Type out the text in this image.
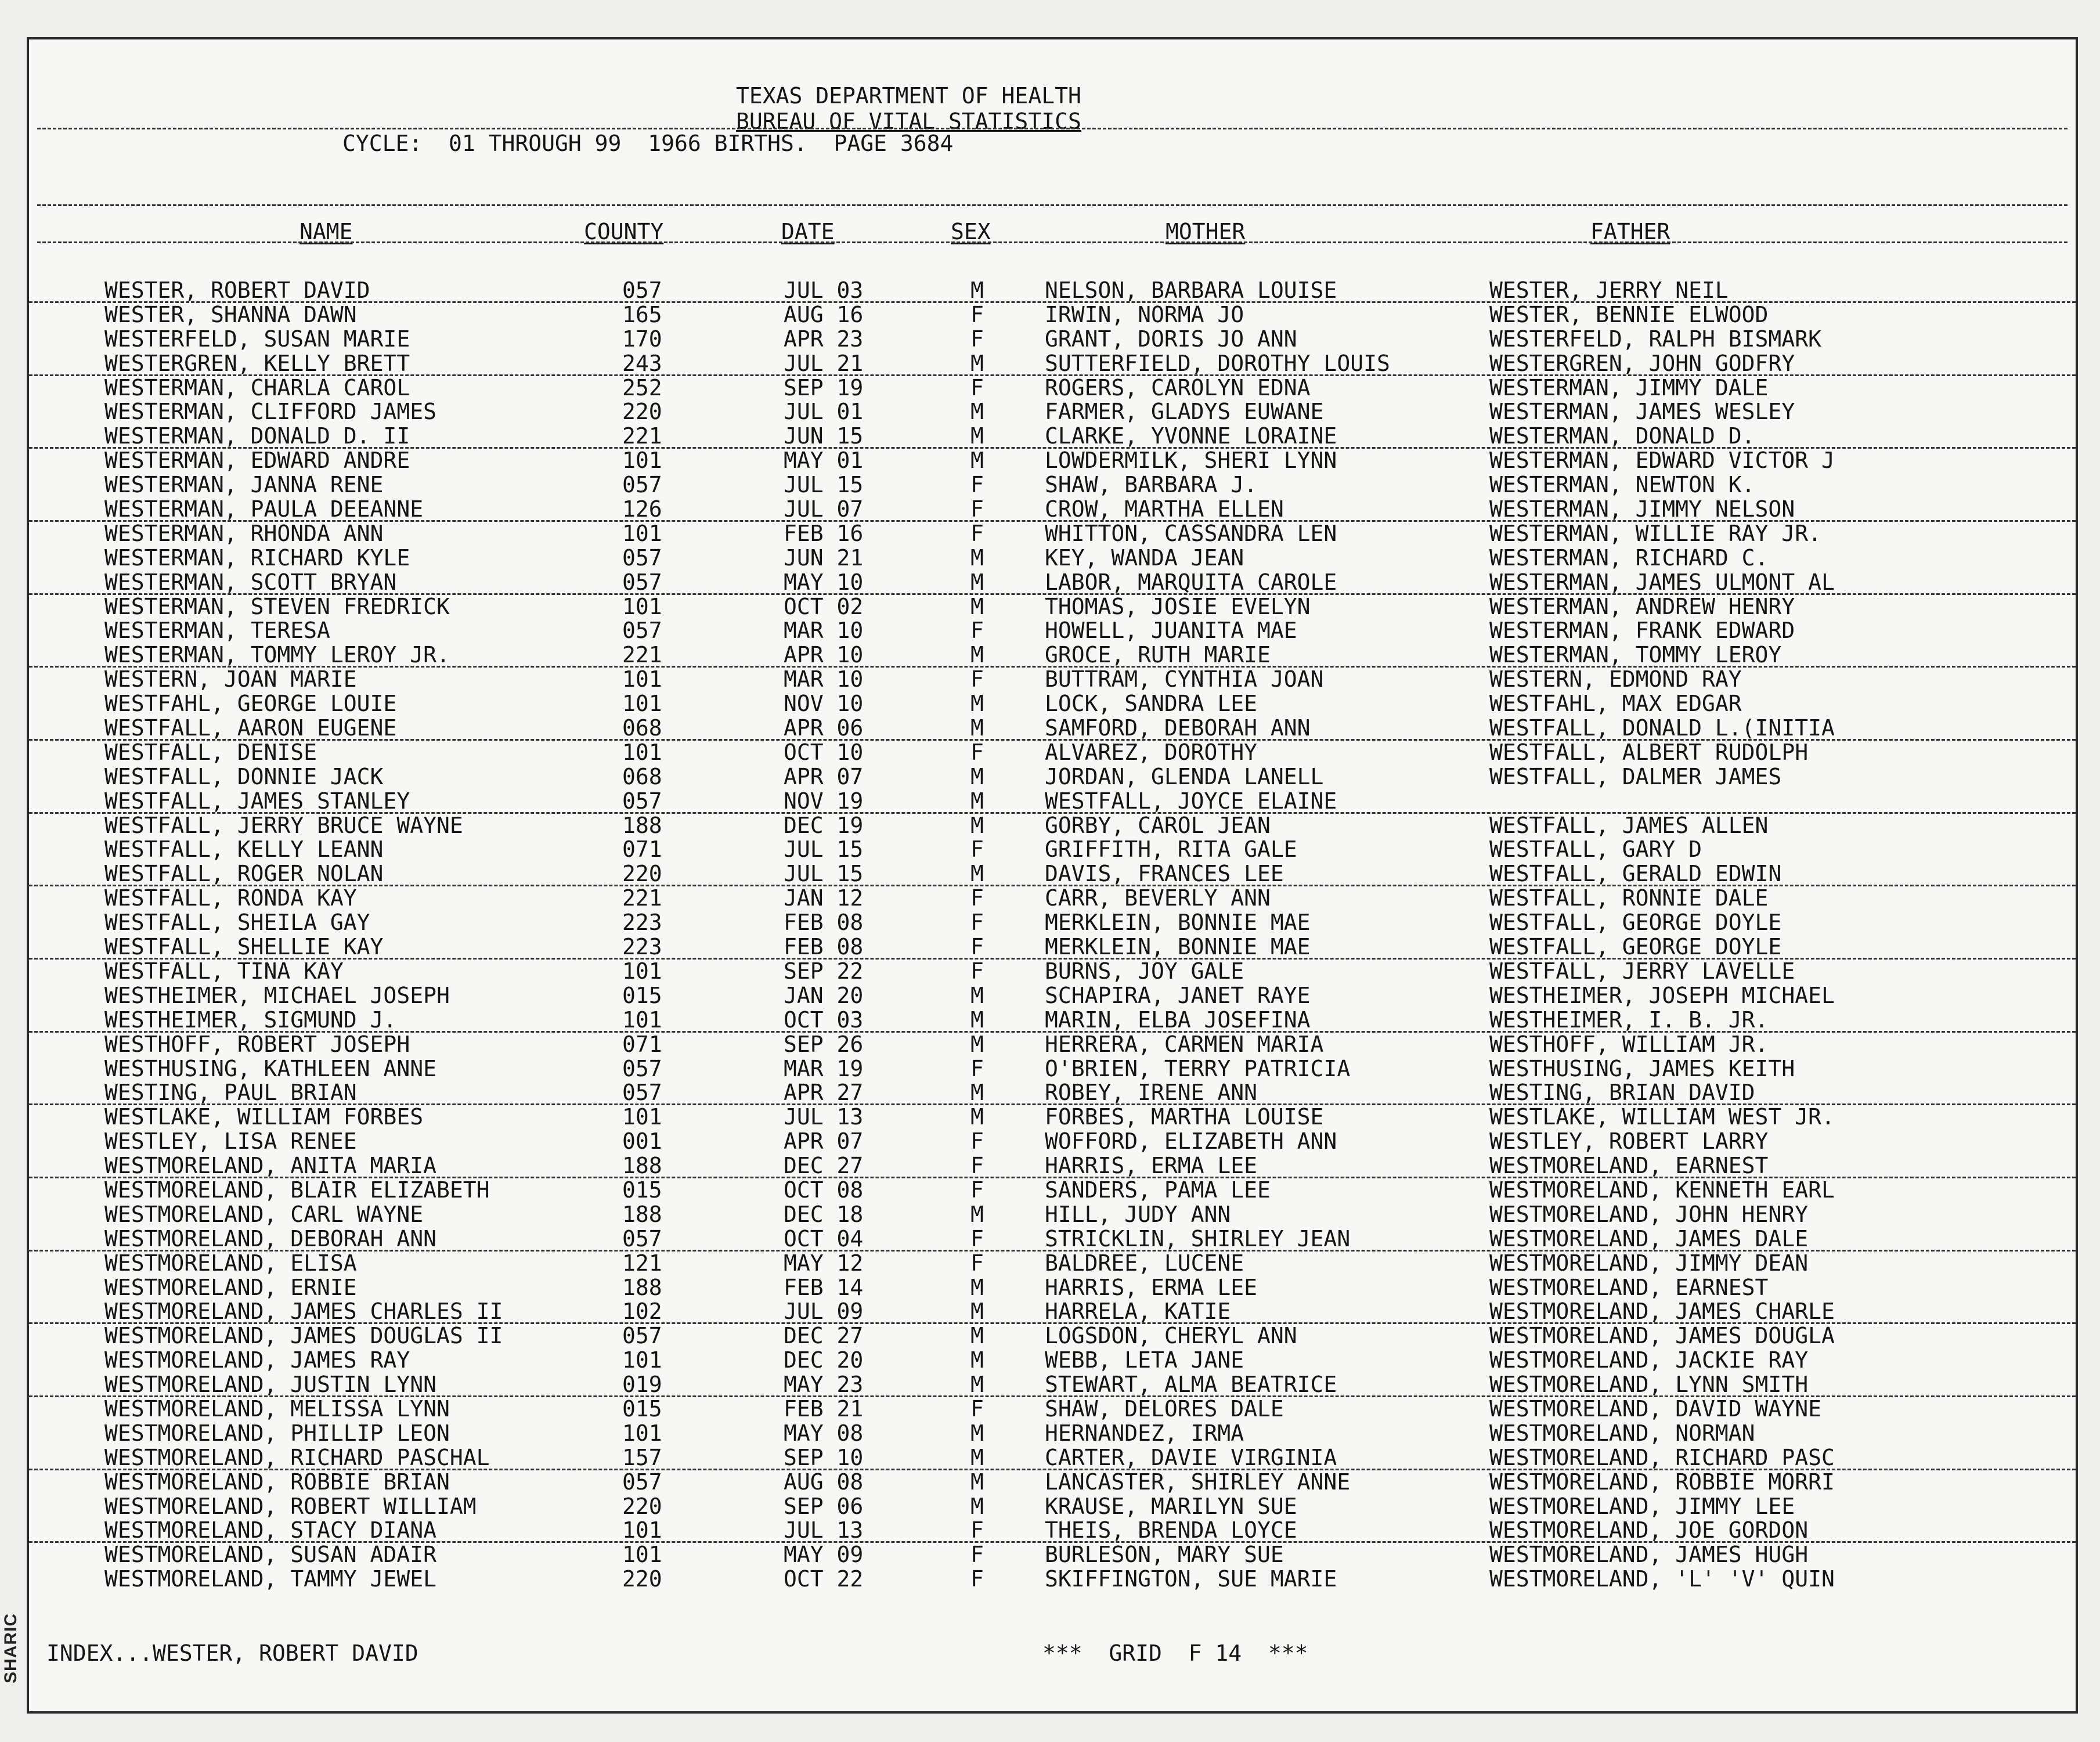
TEXAS DEPARTMENT OF HEALTH
BUREAU OF VITAL STATISTICS
CYCLE:  01 THROUGH 99  1966 BIRTHS.  PAGE 3684
NAME	COUNTY	DATE	SEX	MOTHER	FATHER
WESTER, ROBERT DAVID	057	JUL 03	M	NELSON, BARBARA LOUISE	WESTER, JERRY NEIL
WESTER, SHANNA DAWN	165	AUG 16	F	IRWIN, NORMA JO	WESTER, BENNIE ELWOOD
WESTERFELD, SUSAN MARIE	170	APR 23	F	GRANT, DORIS JO ANN	WESTERFELD, RALPH BISMARK
WESTERGREN, KELLY BRETT	243	JUL 21	M	SUTTERFIELD, DOROTHY LOUIS	WESTERGREN, JOHN GODFRY
WESTERMAN, CHARLA CAROL	252	SEP 19	F	ROGERS, CAROLYN EDNA	WESTERMAN, JIMMY DALE
WESTERMAN, CLIFFORD JAMES	220	JUL 01	M	FARMER, GLADYS EUWANE	WESTERMAN, JAMES WESLEY
WESTERMAN, DONALD D. II	221	JUN 15	M	CLARKE, YVONNE LORAINE	WESTERMAN, DONALD D.
WESTERMAN, EDWARD ANDRE	101	MAY 01	M	LOWDERMILK, SHERI LYNN	WESTERMAN, EDWARD VICTOR J
WESTERMAN, JANNA RENE	057	JUL 15	F	SHAW, BARBARA J.	WESTERMAN, NEWTON K.
WESTERMAN, PAULA DEEANNE	126	JUL 07	F	CROW, MARTHA ELLEN	WESTERMAN, JIMMY NELSON
WESTERMAN, RHONDA ANN	101	FEB 16	F	WHITTON, CASSANDRA LEN	WESTERMAN, WILLIE RAY JR.
WESTERMAN, RICHARD KYLE	057	JUN 21	M	KEY, WANDA JEAN	WESTERMAN, RICHARD C.
WESTERMAN, SCOTT BRYAN	057	MAY 10	M	LABOR, MARQUITA CAROLE	WESTERMAN, JAMES ULMONT AL
WESTERMAN, STEVEN FREDRICK	101	OCT 02	M	THOMAS, JOSIE EVELYN	WESTERMAN, ANDREW HENRY
WESTERMAN, TERESA	057	MAR 10	F	HOWELL, JUANITA MAE	WESTERMAN, FRANK EDWARD
WESTERMAN, TOMMY LEROY JR.	221	APR 10	M	GROCE, RUTH MARIE	WESTERMAN, TOMMY LEROY
WESTERN, JOAN MARIE	101	MAR 10	F	BUTTRAM, CYNTHIA JOAN	WESTERN, EDMOND RAY
WESTFAHL, GEORGE LOUIE	101	NOV 10	M	LOCK, SANDRA LEE	WESTFAHL, MAX EDGAR
WESTFALL, AARON EUGENE	068	APR 06	M	SAMFORD, DEBORAH ANN	WESTFALL, DONALD L.(INITIA
WESTFALL, DENISE	101	OCT 10	F	ALVAREZ, DOROTHY	WESTFALL, ALBERT RUDOLPH
WESTFALL, DONNIE JACK	068	APR 07	M	JORDAN, GLENDA LANELL	WESTFALL, DALMER JAMES
WESTFALL, JAMES STANLEY	057	NOV 19	M	WESTFALL, JOYCE ELAINE
WESTFALL, JERRY BRUCE WAYNE	188	DEC 19	M	GORBY, CAROL JEAN	WESTFALL, JAMES ALLEN
WESTFALL, KELLY LEANN	071	JUL 15	F	GRIFFITH, RITA GALE	WESTFALL, GARY D
WESTFALL, ROGER NOLAN	220	JUL 15	M	DAVIS, FRANCES LEE	WESTFALL, GERALD EDWIN
WESTFALL, RONDA KAY	221	JAN 12	F	CARR, BEVERLY ANN	WESTFALL, RONNIE DALE
WESTFALL, SHEILA GAY	223	FEB 08	F	MERKLEIN, BONNIE MAE	WESTFALL, GEORGE DOYLE
WESTFALL, SHELLIE KAY	223	FEB 08	F	MERKLEIN, BONNIE MAE	WESTFALL, GEORGE DOYLE
WESTFALL, TINA KAY	101	SEP 22	F	BURNS, JOY GALE	WESTFALL, JERRY LAVELLE
WESTHEIMER, MICHAEL JOSEPH	015	JAN 20	M	SCHAPIRA, JANET RAYE	WESTHEIMER, JOSEPH MICHAEL
WESTHEIMER, SIGMUND J.	101	OCT 03	M	MARIN, ELBA JOSEFINA	WESTHEIMER, I. B. JR.
WESTHOFF, ROBERT JOSEPH	071	SEP 26	M	HERRERA, CARMEN MARIA	WESTHOFF, WILLIAM JR.
WESTHUSING, KATHLEEN ANNE	057	MAR 19	F	O'BRIEN, TERRY PATRICIA	WESTHUSING, JAMES KEITH
WESTING, PAUL BRIAN	057	APR 27	M	ROBEY, IRENE ANN	WESTING, BRIAN DAVID
WESTLAKE, WILLIAM FORBES	101	JUL 13	M	FORBES, MARTHA LOUISE	WESTLAKE, WILLIAM WEST JR.
WESTLEY, LISA RENEE	001	APR 07	F	WOFFORD, ELIZABETH ANN	WESTLEY, ROBERT LARRY
WESTMORELAND, ANITA MARIA	188	DEC 27	F	HARRIS, ERMA LEE	WESTMORELAND, EARNEST
WESTMORELAND, BLAIR ELIZABETH	015	OCT 08	F	SANDERS, PAMA LEE	WESTMORELAND, KENNETH EARL
WESTMORELAND, CARL WAYNE	188	DEC 18	M	HILL, JUDY ANN	WESTMORELAND, JOHN HENRY
WESTMORELAND, DEBORAH ANN	057	OCT 04	F	STRICKLIN, SHIRLEY JEAN	WESTMORELAND, JAMES DALE
WESTMORELAND, ELISA	121	MAY 12	F	BALDREE, LUCENE	WESTMORELAND, JIMMY DEAN
WESTMORELAND, ERNIE	188	FEB 14	M	HARRIS, ERMA LEE	WESTMORELAND, EARNEST
WESTMORELAND, JAMES CHARLES II	102	JUL 09	M	HARRELA, KATIE	WESTMORELAND, JAMES CHARLE
WESTMORELAND, JAMES DOUGLAS II	057	DEC 27	M	LOGSDON, CHERYL ANN	WESTMORELAND, JAMES DOUGLA
WESTMORELAND, JAMES RAY	101	DEC 20	M	WEBB, LETA JANE	WESTMORELAND, JACKIE RAY
WESTMORELAND, JUSTIN LYNN	019	MAY 23	M	STEWART, ALMA BEATRICE	WESTMORELAND, LYNN SMITH
WESTMORELAND, MELISSA LYNN	015	FEB 21	F	SHAW, DELORES DALE	WESTMORELAND, DAVID WAYNE
WESTMORELAND, PHILLIP LEON	101	MAY 08	M	HERNANDEZ, IRMA	WESTMORELAND, NORMAN
WESTMORELAND, RICHARD PASCHAL	157	SEP 10	M	CARTER, DAVIE VIRGINIA	WESTMORELAND, RICHARD PASC
WESTMORELAND, ROBBIE BRIAN	057	AUG 08	M	LANCASTER, SHIRLEY ANNE	WESTMORELAND, ROBBIE MORRI
WESTMORELAND, ROBERT WILLIAM	220	SEP 06	M	KRAUSE, MARILYN SUE	WESTMORELAND, JIMMY LEE
WESTMORELAND, STACY DIANA	101	JUL 13	F	THEIS, BRENDA LOYCE	WESTMORELAND, JOE GORDON
WESTMORELAND, SUSAN ADAIR	101	MAY 09	F	BURLESON, MARY SUE	WESTMORELAND, JAMES HUGH
WESTMORELAND, TAMMY JEWEL	220	OCT 22	F	SKIFFINGTON, SUE MARIE	WESTMORELAND, 'L' 'V' QUIN
INDEX...WESTER, ROBERT DAVID	***  GRID  F 14  ***
SHARIC
